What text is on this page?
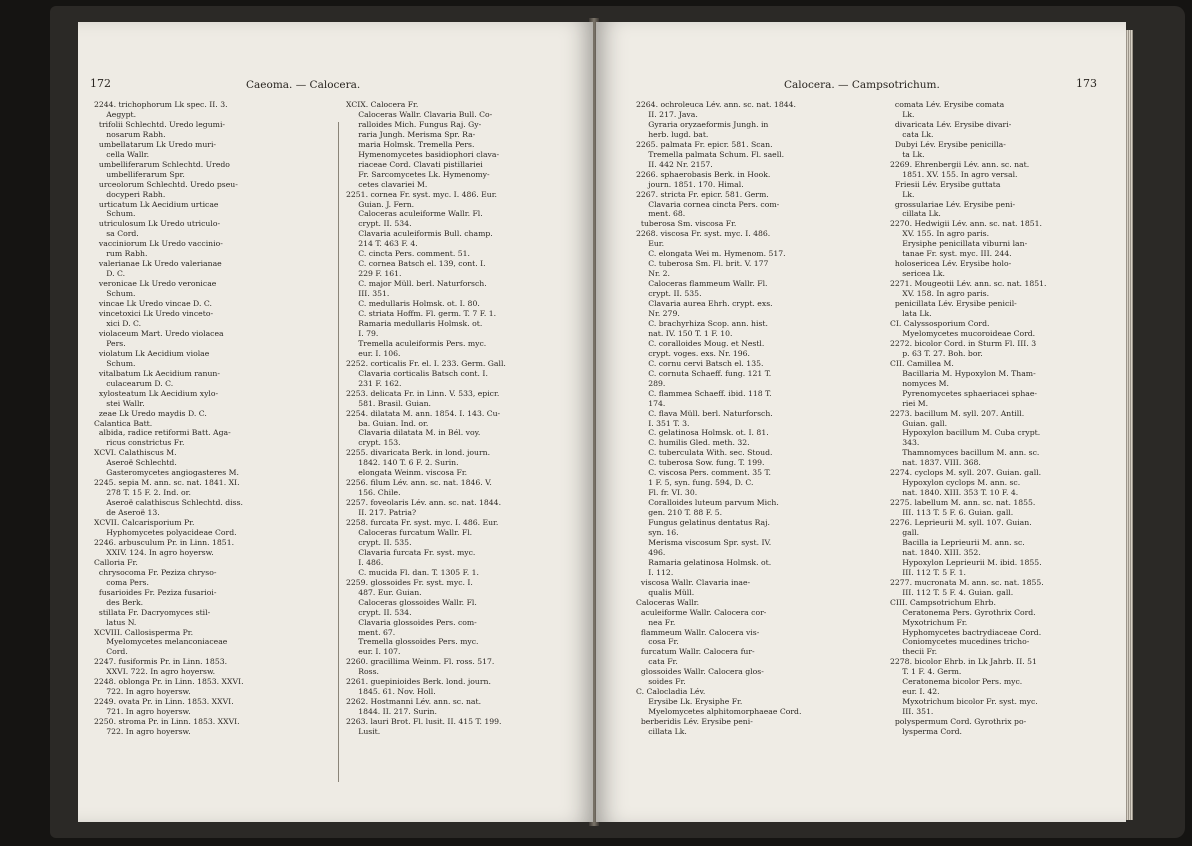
172	Caeoma. — Calocera.

2244. trichophorum Lk spec. II. 3.

Aegypt.

trifolii Schlechtd. Uredo legumi-

nosarum Rabh.

umbellatarum Lk Uredo muri-

cella Wallr.

umbelliferarum Schlechtd. Uredo

umbelliferarum Spr.

urceolorum Schlechtd. Uredo pseu-

docyperi Rabh.

urticatum Lk Aecidium urticae

Schum.

utriculosum Lk Uredo utriculo-

sa Cord.

vacciniorum Lk Uredo vaccinio-

rum Rabh.

valerianae Lk Uredo valerianae

D. C.

veronicae Lk Uredo veronicae

Schum.

vincae Lk Uredo vincae D. C.

vincetoxici Lk Uredo vinceto-

xici D. C.

violaceum Mart. Uredo violacea

Pers.

violatum Lk Aecidium violae

Schum.

vitalbatum Lk Aecidium ranun-

culacearum D. C.

xylosteatum Lk Aecidium xylo-

stei Wallr.

zeae Lk Uredo maydis D. C.

Calantica Batt.

albida, radice retiformi Batt. Aga-

ricus constrictus Fr.

XCVI. Calathiscus M.

Aseroë Schlechtd.

Gasteromycetes angiogasteres M.

2245. sepia M. ann. sc. nat. 1841. XI.

278 T. 15 F. 2. Ind. or.

Aseroë calathiscus Schlechtd. diss.

de Aseroë 13.

XCVII. Calcarisporium Pr.

Hyphomycetes polyacideae Cord.

2246. arbusculum Pr. in Linn. 1851.

XXIV. 124. In agro hoyersw.

Calloria Fr.

chrysocoma Fr. Peziza chryso-

coma Pers.

fusarioides Fr. Peziza fusarioi-

des Berk.

stillata Fr. Dacryomyces stil-

latus N.

XCVIII. Callosisperma Pr.

Myelomycetes melanconiaceae

Cord.

2247. fusiformis Pr. in Linn. 1853.

XXVI. 722. In agro hoyersw.

2248. oblonga Pr. in Linn. 1853. XXVI.

722. In agro hoyersw.

2249. ovata Pr. in Linn. 1853. XXVI.

721. In agro hoyersw.

2250. stroma Pr. in Linn. 1853. XXVI.

722. In agro hoyersw.

XCIX. Calocera Fr.

Caloceras Wallr. Clavaria Bull. Co-

ralloides Mich. Fungus Raj. Gy-

raria Jungh. Merisma Spr. Ra-

maria Holmsk. Tremella Pers.

Hymenomycetes basidiophori clava-

riaceae Cord. Clavati pistillariei

Fr. Sarcomycetes Lk. Hymenomy-

cetes clavariei M.

2251. cornea Fr. syst. myc. I. 486. Eur.

Guian. J. Fern.

Caloceras aculeiforme Wallr. Fl.

crypt. II. 534.

Clavaria aculeiformis Bull. champ.

214 T. 463 F. 4.

C. cincta Pers. comment. 51.

C. cornea Batsch el. 139, cont. I.

229 F. 161.

C. major Müll. berl. Naturforsch.

III. 351.

C. medullaris Holmsk. ot. I. 80.

C. striata Hoffm. Fl. germ. T. 7 F. 1.

Ramaria medullaris Holmsk. ot.

I. 79.

Tremella aculeiformis Pers. myc.

eur. I. 106.

2252. corticalis Fr. el. I. 233. Germ. Gall.

Clavaria corticalis Batsch cont. I.

231 F. 162.

2253. delicata Fr. in Linn. V. 533, epicr.

581. Brasil. Guian.

2254. dilatata M. ann. 1854. I. 143. Cu-

ba. Guian. Ind. or.

Clavaria dilatata M. in Bél. voy.

crypt. 153.

2255. divaricata Berk. in lond. journ.

1842. 140 T. 6 F. 2. Surin.

elongata Weinm. viscosa Fr.

2256. filum Lév. ann. sc. nat. 1846. V.

156. Chile.

2257. foveolaris Lév. ann. sc. nat. 1844.

II. 217. Patria?

2258. furcata Fr. syst. myc. I. 486. Eur.

Caloceras furcatum Wallr. Fl.

crypt. II. 535.

Clavaria furcata Fr. syst. myc.

I. 486.

C. mucida Fl. dan. T. 1305 F. 1.

2259. glossoides Fr. syst. myc. I.

487. Eur. Guian.

Caloceras glossoides Wallr. Fl.

crypt. II. 534.

Clavaria glossoides Pers. com-

ment. 67.

Tremella glossoides Pers. myc.

eur. I. 107.

2260. gracillima Weinm. Fl. ross. 517.

Ross.

2261. guepinioides Berk. lond. journ.

1845. 61. Nov. Holl.

2262. Hostmanni Lév. ann. sc. nat.

1844. II. 217. Surin.

2263. lauri Brot. Fl. lusit. II. 415 T. 199.

Lusit.

Calocera. — Campsotrichum.	173

2264. ochroleuca Lév. ann. sc. nat. 1844.

II. 217. Java.

Gyraria oryzaeformis Jungh. in

herb. lugd. bat.

2265. palmata Fr. epicr. 581. Scan.

Tremella palmata Schum. Fl. saell.

II. 442 Nr. 2157.

2266. sphaerobasis Berk. in Hook.

journ. 1851. 170. Himal.

2267. stricta Fr. epicr. 581. Germ.

Clavaria cornea cincta Pers. com-

ment. 68.

tuberosa Sm. viscosa Fr.

2268. viscosa Fr. syst. myc. I. 486.

Eur.

C. elongata Wei m. Hymenom. 517.

C. tuberosa Sm. Fl. brit. V. 177

Nr. 2.

Caloceras flammeum Wallr. Fl.

crypt. II. 535.

Clavaria aurea Ehrh. crypt. exs.

Nr. 279.

C. brachyrhiza Scop. ann. hist.

nat. IV. 150 T. 1 F. 10.

C. coralloides Moug. et Nestl.

crypt. voges. exs. Nr. 196.

C. cornu cervi Batsch el. 135.

C. cornuta Schaeff. fung. 121 T.

289.

C. flammea Schaeff. ibid. 118 T.

174.

C. flava Müll. berl. Naturforsch.

I. 351 T. 3.

C. gelatinosa Holmsk. ot. I. 81.

C. humilis Gled. meth. 32.

C. tuberculata With. sec. Stoud.

C. tuberosa Sow. fung. T. 199.

C. viscosa Pers. comment. 35 T.

1 F. 5, syn. fung. 594, D. C.

Fl. fr. VI. 30.

Coralloides luteum parvum Mich.

gen. 210 T. 88 F. 5.

Fungus gelatinus dentatus Raj.

syn. 16.

Merisma viscosum Spr. syst. IV.

496.

Ramaria gelatinosa Holmsk. ot.

I. 112.

viscosa Wallr. Clavaria inae-

qualis Müll.

Caloceras Wallr.

aculeiforme Wallr. Calocera cor-

nea Fr.

flammeum Wallr. Calocera vis-

cosa Fr.

furcatum Wallr. Calocera fur-

cata Fr.

glossoides Wallr. Calocera glos-

soides Fr.

C. Calocladia Lév.

Erysibe Lk. Erysiphe Fr.

Myelomycetes alphitomorphaeae Cord.

berberidis Lév. Erysibe peni-

cillata Lk.

comata Lév. Erysibe comata

Lk.

divaricata Lév. Erysibe divari-

cata Lk.

Dubyi Lév. Erysibe penicilla-

ta Lk.

2269. Ehrenbergii Lév. ann. sc. nat.

1851. XV. 155. In agro versal.

Friesii Lév. Erysibe guttata

Lk.

grossulariae Lév. Erysibe peni-

cillata Lk.

2270. Hedwigii Lév. ann. sc. nat. 1851.

XV. 155. In agro paris.

Erysiphe penicillata viburni lan-

tanae Fr. syst. myc. III. 244.

holosericea Lév. Erysibe holo-

sericea Lk.

2271. Mougeotii Lév. ann. sc. nat. 1851.

XV. 158. In agro paris.

penicillata Lév. Erysibe penicil-

lata Lk.

CI. Calyssosporium Cord.

Myelomycetes mucoroideae Cord.

2272. bicolor Cord. in Sturm Fl. III. 3

p. 63 T. 27. Boh. bor.

CII. Camillea M.

Bacillaria M. Hypoxylon M. Tham-

nomyces M.

Pyrenomycetes sphaeriacei sphae-

riei M.

2273. bacillum M. syll. 207. Antill.

Guian. gall.

Hypoxylon bacillum M. Cuba crypt.

343.

Thamnomyces bacillum M. ann. sc.

nat. 1837. VIII. 368.

2274. cyclops M. syll. 207. Guian. gall.

Hypoxylon cyclops M. ann. sc.

nat. 1840. XIII. 353 T. 10 F. 4.

2275. labellum M. ann. sc. nat. 1855.

III. 113 T. 5 F. 6. Guian. gall.

2276. Leprieurii M. syll. 107. Guian.

gall.

Bacilla ia Leprieurii M. ann. sc.

nat. 1840. XIII. 352.

Hypoxylon Leprieurii M. ibid. 1855.

III. 112 T. 5 F. 1.

2277. mucronata M. ann. sc. nat. 1855.

III. 112 T. 5 F. 4. Guian. gall.

CIII. Campsotrichum Ehrb.

Ceratonema Pers. Gyrothrix Cord.

Myxotrichum Fr.

Hyphomycetes bactrydiaceae Cord.

Coniomycetes mucedines tricho-

thecii Fr.

2278. bicolor Ehrb. in Lk Jahrb. II. 51

T. 1 F. 4. Germ.

Ceratonema bicolor Pers. myc.

eur. I. 42.

Myxotrichum bicolor Fr. syst. myc.

III. 351.

polyspermum Cord. Gyrothrix po-

lysperma Cord.
